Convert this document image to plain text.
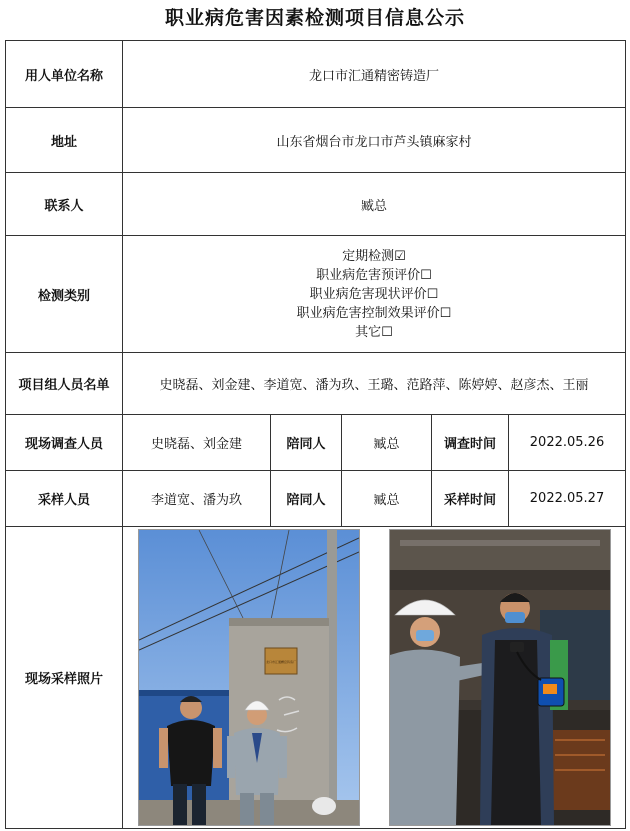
职业病危害因素检测项目信息公示
用人单位名称	龙口市汇通精密铸造厂				
地址	山东省烟台市龙口市芦头镇麻家村				
联系人	臧总				
检测类别	定期检测☑
职业病危害预评价☐
职业病危害现状评价☐
职业病危害控制效果评价☐
其它☐				

项目组人员名单	史晓磊、刘金建、李道宽、潘为玖、王璐、范路萍、陈婷婷、赵彦杰、王丽				
现场调查人员	史晓磊、刘金建	陪同人	臧总	调查时间	2022.05.26
采样人员	李道宽、潘为玖	陪同人	臧总	采样时间	2022.05.27
现场采样照片	龙口市汇通精密铸造厂				
